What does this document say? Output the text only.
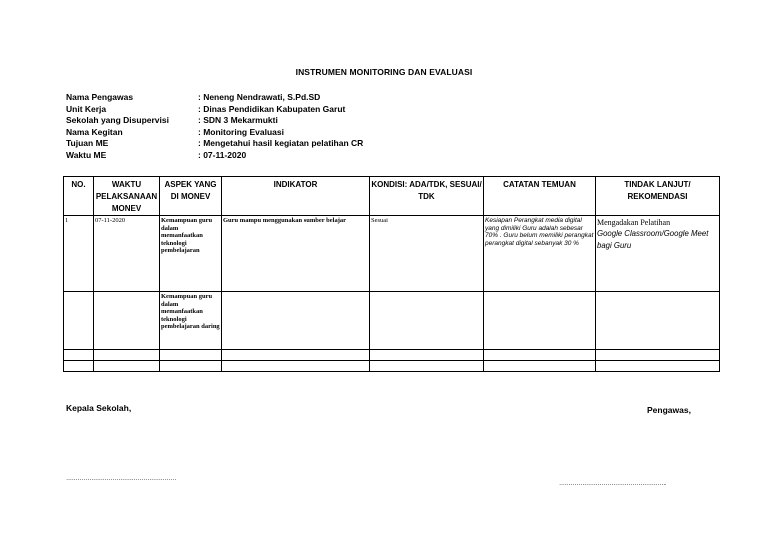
INSTRUMEN MONITORING DAN EVALUASI
Nama Pengawas	: Neneng Nendrawati, S.Pd.SD
Unit Kerja	: Dinas Pendidikan Kabupaten Garut
Sekolah yang Disupervisi	: SDN 3 Mekarmukti
Nama Kegitan	: Monitoring Evaluasi
Tujuan ME	: Mengetahui hasil kegiatan pelatihan CR
Waktu ME	: 07-11-2020
NO.	WAKTU PELAKSANAAN MONEV	ASPEK YANG DI MONEV	INDIKATOR	KONDISI: ADA/TDK, SESUAI/ TDK	CATATAN TEMUAN	TINDAK LANJUT/ REKOMENDASI
1	07-11-2020	Kemampuan guru dalam memanfaatkan teknologi pembelajaran	Guru mampu menggunakan sumber belajar	Sesuai	Kesiapan Perangkat media digital yang dimiliki Guru adalah sebesar 70% . Guru belum memiliki perangkat perangkat digital sebanyak 30 %	Mengadakan Pelatihan
Google Classroom/Google Meet bagi Guru

		Kemampuan guru dalam memanfaatkan teknologi pembelajaran daring				

Kepala Sekolah,	Pengawas,
…………………………………………………
………………………………………………..
